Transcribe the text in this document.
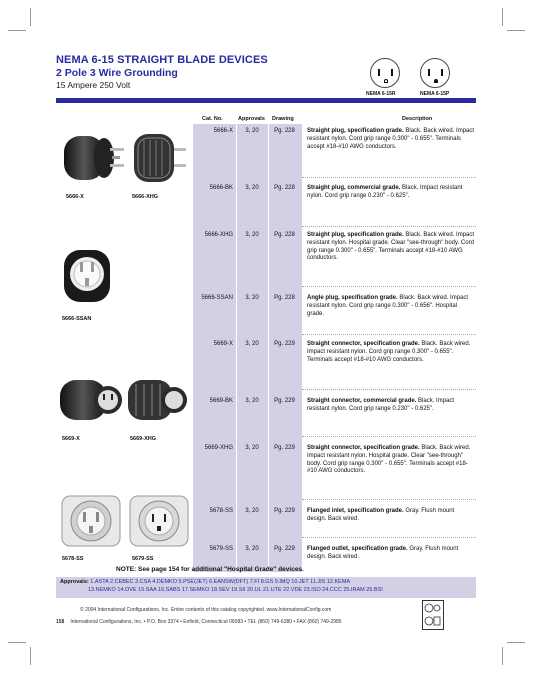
NEMA 6-15 STRAIGHT BLADE DEVICES
2 Pole 3 Wire Grounding
15 Ampere 250 Volt
NEMA 6-15R	NEMA 6-15P
Cat. No.	Approvals Drawing	Description
5666-X	3, 20	Pg. 228	Straight plug, specification grade. Black. Back wired. Impact resistant nylon. Cord grip range 0.300" - 0.655". Terminals accept #18-#10 AWG conductors.
5666-BK	3, 20	Pg. 228	Straight plug, commercial grade. Black. Impact resistant nylon. Cord grip range 0.230" - 0.625".
5666-XHG	3, 20	Pg. 228	Straight plug, specification grade. Black. Back wired. Impact resistant nylon. Hospital grade. Clear "see-through" body. Cord grip range 0.300" - 0.655". Terminals accept #18-#10 AWG conductors.
5666-SSAN	3, 20	Pg. 228	Angle plug, specification grade. Black. Back wired. Impact resistant nylon. Cord grip range 0.300" - 0.656". Hospital grade.
5669-X	3, 20	Pg. 229	Straight connector, specification grade. Black. Back wired. Impact resistant nylon. Cord grip range 0.300" - 0.655". Terminals accept #18-#10 AWG conductors.
5669-BK	3, 20	Pg. 229	Straight connector, commercial grade. Black. Impact resistant nylon. Cord grip range 0.230" - 0.625".
5669-XHG	3, 20	Pg. 229	Straight connector, specification grade. Black. Back wired. Impact resistant nylon. Hospital grade. Clear "see-through" body. Cord grip range 0.300" - 0.655". Terminals accept #18-#10 AWG conductors.
5678-SS	3, 20	Pg. 229	Flanged inlet, specification grade. Gray. Flush mount design. Back wired.
5679-SS	3, 20	Pg. 229	Flanged outlet, specification grade. Gray. Flush mount design. Back wired.
5666-X	5666-XHG
5666-SSAN
5669-X	5669-XHG
5678-SS	5679-SS
NOTE: See page 154 for additional "Hospital Grade" devices.
Approvals: 1.ASTA 2.CEBEC 3.CSA 4.DEMKO 5.PSE(JET) 6.EANSW(DFT) 7.FI 8.GS 9.IMQ 10.JET 11.JIS 12.KEMA
13.NEMKO 14.OVE 15.SAA 16.SABS 17.SEMKO 18.SEV 19.SII 20.UL 21.UTE 22.VDE 23.ISO 24.CCC 25.IRAM 26.BSI
© 2004 International Configurations, Inc. Entire contents of this catalog copyrighted. www.InternationalConfig.com
158 International Configurations, Inc. • P.O. Box 3374 • Enfield, Connecticut 06083 • TEL (860) 749-6380 • FAX (860) 749-2985
